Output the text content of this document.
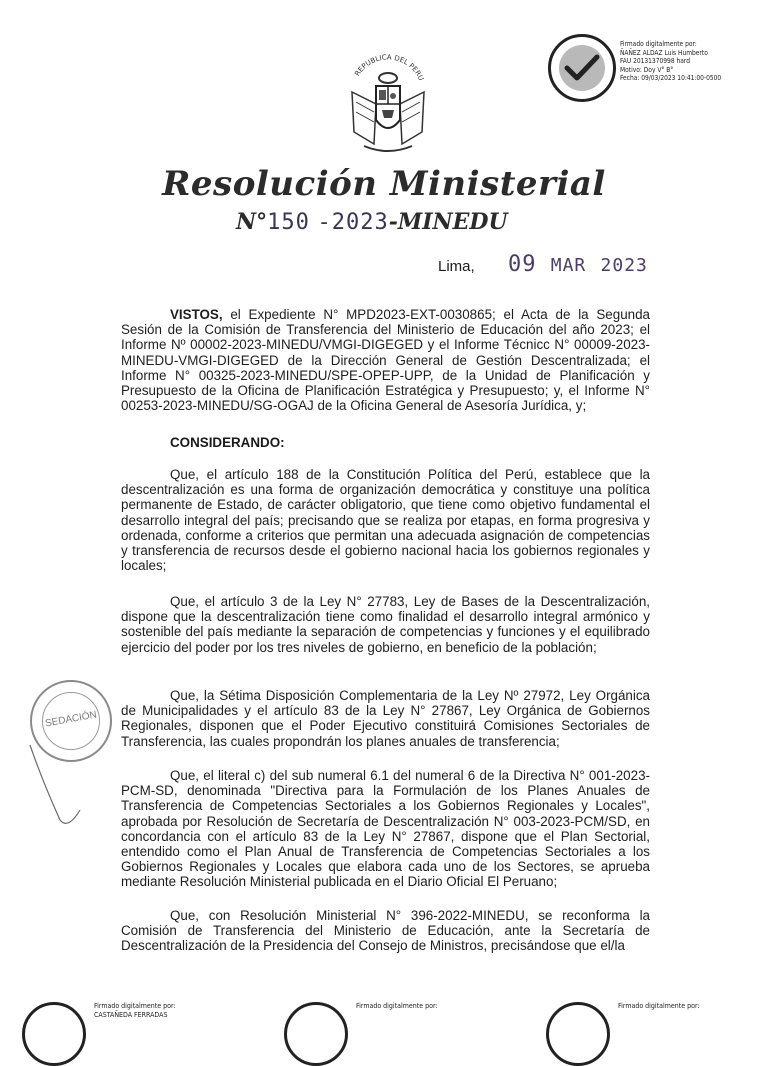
Firmado digitalmente por:
ÑAÑEZ ALDAZ Luis Humberto
FAU 20131370998 hard
Motivo: Doy V° B°
Fecha: 09/03/2023 10:41:00-0500
REPUBLICA DEL PERU
Resolución Ministerial
N°150 -2023-MINEDU
Lima, 09 MAR 2023

VISTOS, el Expediente N° MPD2023-EXT-0030865; el Acta de la Segunda Sesión de la Comisión de Transferencia del Ministerio de Educación del año 2023; el Informe Nº 00002-2023-MINEDU/VMGI-DIGEGED y el Informe Técnicc N° 00009-2023-MINEDU-VMGI-DIGEGED de la Dirección General de Gestión Descentralizada; el Informe N° 00325-2023-MINEDU/SPE-OPEP-UPP, de la Unidad de Planificación y Presupuesto de la Oficina de Planificación Estratégica y Presupuesto; y, el Informe N° 00253-2023-MINEDU/SG-OGAJ de la Oficina General de Asesoría Jurídica, y;

CONSIDERANDO:

Que, el artículo 188 de la Constitución Política del Perú, establece que la descentralización es una forma de organización democrática y constituye una política permanente de Estado, de carácter obligatorio, que tiene como objetivo fundamental el desarrollo integral del país; precisando que se realiza por etapas, en forma progresiva y ordenada, conforme a criterios que permitan una adecuada asignación de competencias y transferencia de recursos desde el gobierno nacional hacia los gobiernos regionales y locales;

Que, el artículo 3 de la Ley N° 27783, Ley de Bases de la Descentralización, dispone que la descentralización tiene como finalidad el desarrollo integral armónico y sostenible del país mediante la separación de competencias y funciones y el equilibrado ejercicio del poder por los tres niveles de gobierno, en beneficio de la población;

Que, la Sétima Disposición Complementaria de la Ley Nº 27972, Ley Orgánica de Municipalidades y el artículo 83 de la Ley N° 27867, Ley Orgánica de Gobiernos Regionales, disponen que el Poder Ejecutivo constituirá Comisiones Sectoriales de Transferencia, las cuales propondrán los planes anuales de transferencia;

Que, el literal c) del sub numeral 6.1 del numeral 6 de la Directiva N° 001-2023-PCM-SD, denominada "Directiva para la Formulación de los Planes Anuales de Transferencia de Competencias Sectoriales a los Gobiernos Regionales y Locales", aprobada por Resolución de Secretaría de Descentralización N° 003-2023-PCM/SD, en concordancia con el artículo 83 de la Ley N° 27867, dispone que el Plan Sectorial, entendido como el Plan Anual de Transferencia de Competencias Sectoriales a los Gobiernos Regionales y Locales que elabora cada uno de los Sectores, se aprueba mediante Resolución Ministerial publicada en el Diario Oficial El Peruano;

Que, con Resolución Ministerial N° 396-2022-MINEDU, se reconforma la Comisión de Transferencia del Ministerio de Educación, ante la Secretaría de Descentralización de la Presidencia del Consejo de Ministros, precisándose que el/la

SEDACIÓN
Firmado digitalmente por:
CASTAÑEDA FERRADAS
Firmado digitalmente por:	Firmado digitalmente por:
